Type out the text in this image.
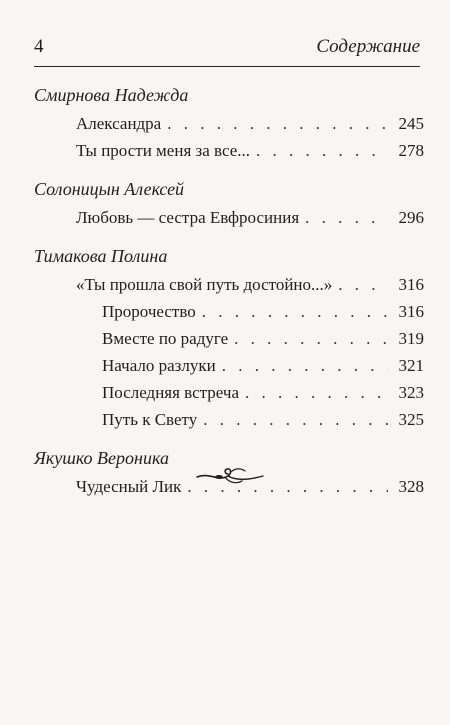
4	Содержание
Смирнова Надежда
Александра . . .	245
Ты прости меня за все... . . .	278
Солоницын Алексей
Любовь — сестра Евфросиния . . .	296
Тимакова Полина
«Ты прошла свой путь достойно...» . . .	316
Пророчество . . .	316
Вместе по радуге . . .	319
Начало разлуки . . .	321
Последняя встреча . . .	323
Путь к Свету . . .	325
Якушко Вероника
Чудесный Лик . . .	328
